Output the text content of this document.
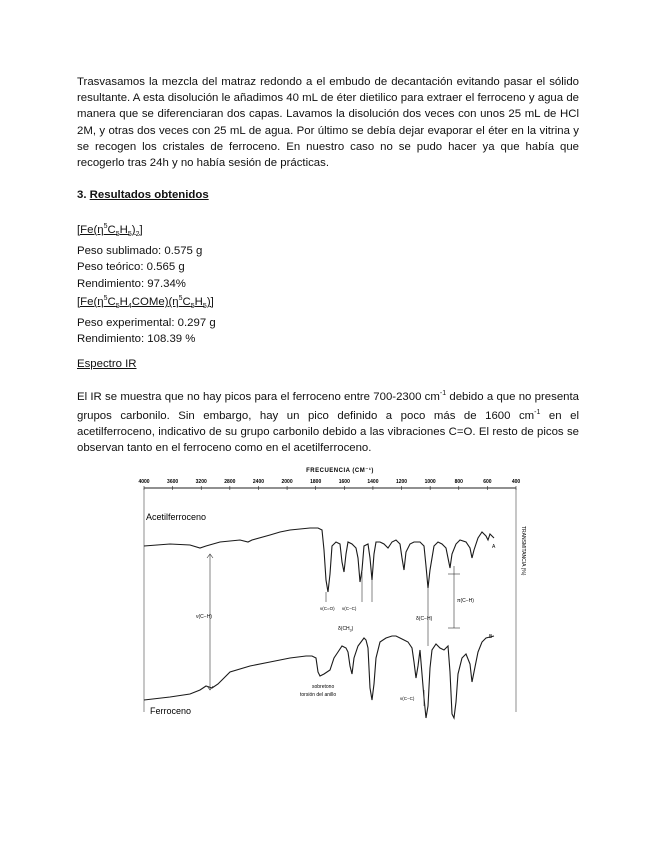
Trasvasamos la mezcla del matraz redondo a el embudo de decantación evitando pasar el sólido resultante. A esta disolución le añadimos 40 mL de éter dietilico para extraer el ferroceno y agua de manera que se diferenciaran dos capas. Lavamos la disolución dos veces con unos 25 mL de HCl 2M, y otras dos veces con 25 mL de agua. Por último se debía dejar evaporar el éter en la vitrina y se recogen los cristales de ferroceno. En nuestro caso no se pudo hacer ya que había que recogerlo tras 24h y no había sesión de prácticas.

3. Resultados obtenidos

$[Fe(\eta^5C_5H_5)_2]$

Peso sublimado: 0.575 g

Peso teórico: 0.565 g

Rendimiento: 97.34%

$[Fe(\eta^5C_5H_4COMe)(\eta^5C_5H_5)]$

Peso experimental: 0.297 g

Rendimiento: 108.39 %

Espectro IR

El IR se muestra que no hay picos para el ferroceno entre 700-2300 $cm^{-1}$ debido a que no presenta grupos carbonilo. Sin embargo, hay un pico definido a poco más de 1600 $cm^{-1}$ en el acetilferroceno, indicativo de su grupo carbonilo debido a las vibraciones C=O. El resto de picos se observan tanto en el ferroceno como en el acetilferroceno.

FRECUENCIA (CM⁻¹)
4000	3600	3200	2800	2400	2000	1800	1600	1400	1200	1000	800	600	400
TRANSMITANCIA (%)
Acetilferroceno
Ferroceno
A
B
ν(C−H)
ν(C=O) ν(C−C)
$\delta(CH_3)$
π(C−H)
δ(C−H)
ν(C−C)
sobretono
torsión del anillo
